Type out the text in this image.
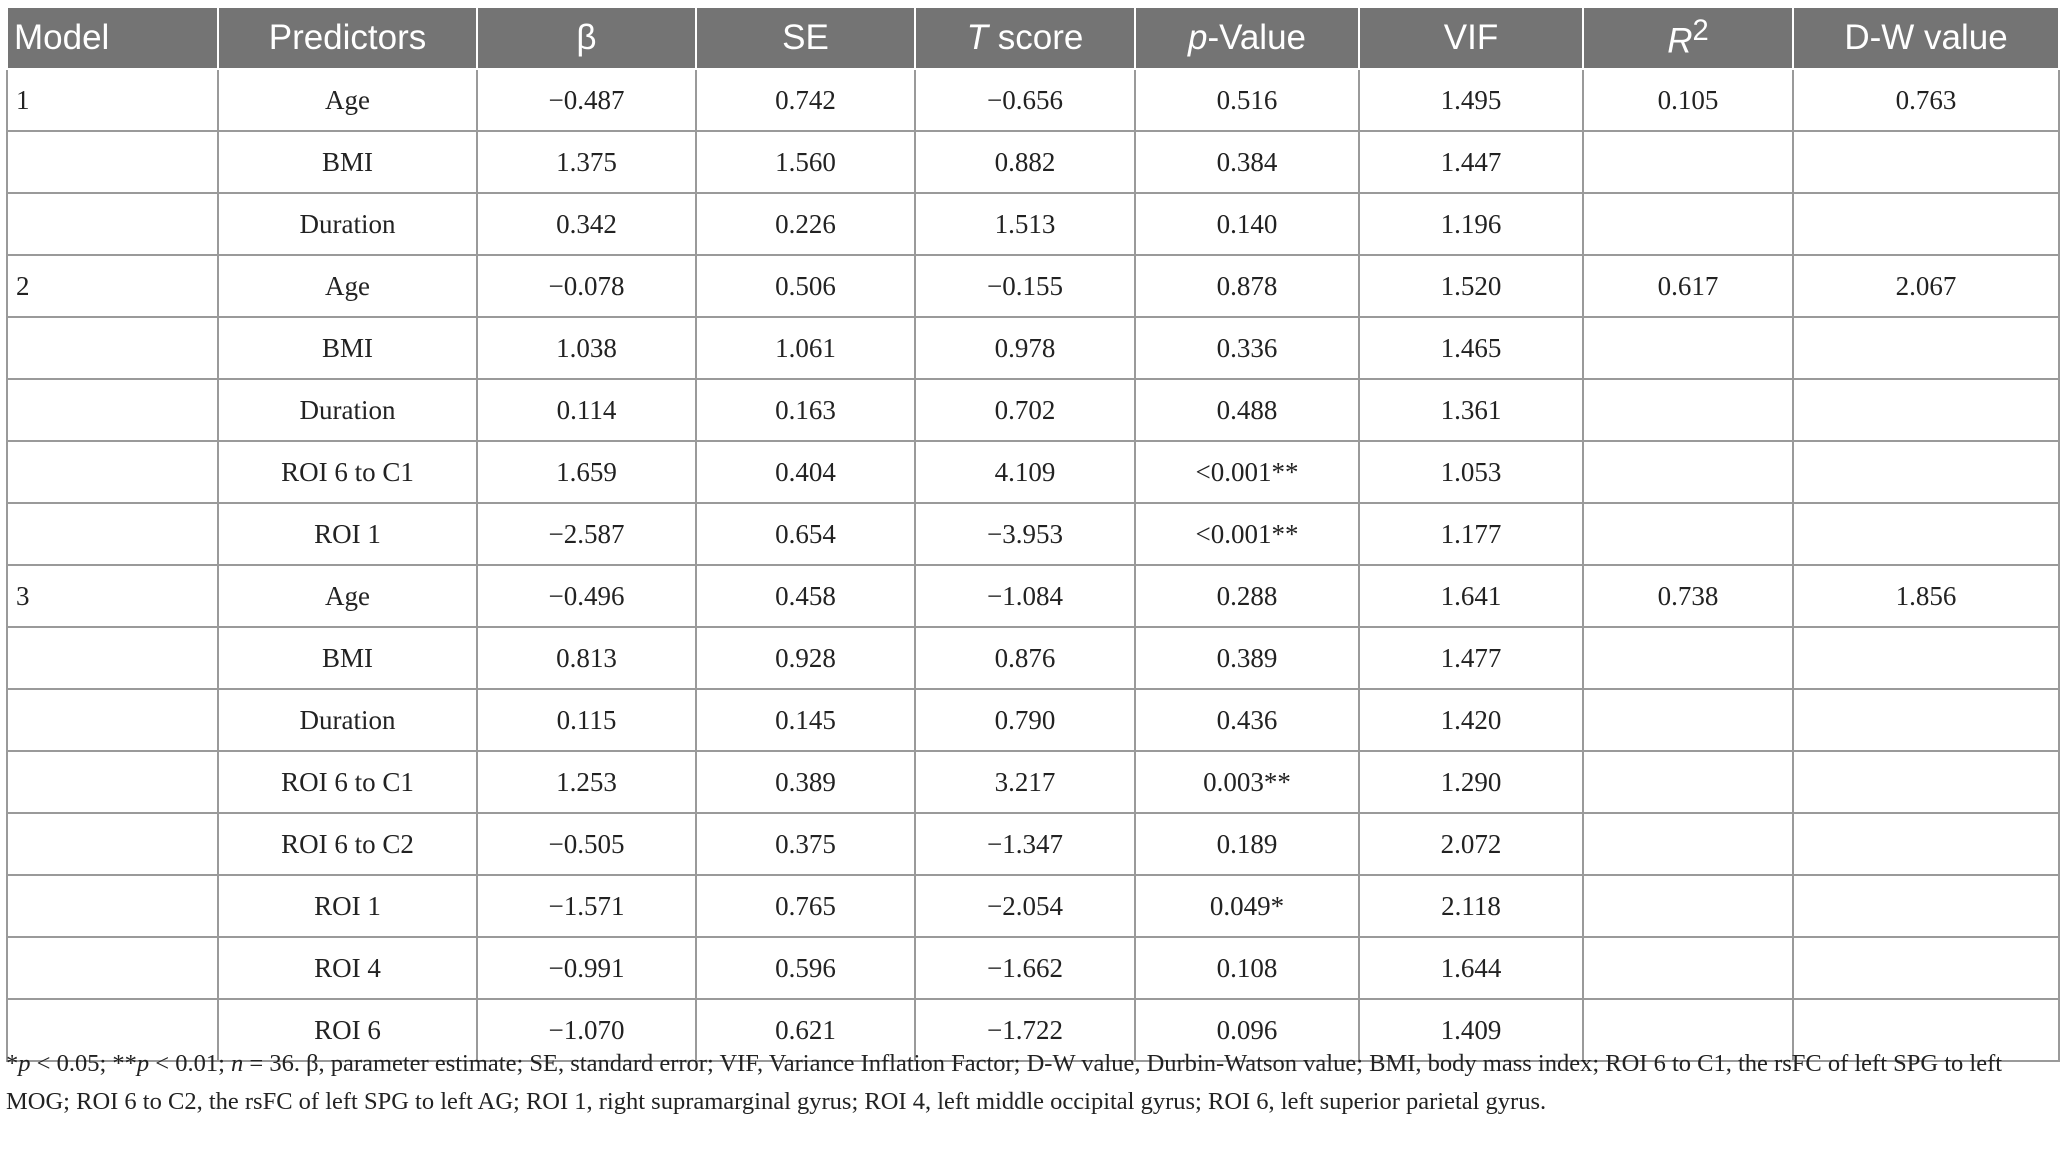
Model	Predictors	β	SE	T score	p-Value	VIF	$R^2$	D-W value
1	Age	−0.487	0.742	−0.656	0.516	1.495	0.105	0.763
	BMI	1.375	1.560	0.882	0.384	1.447		
	Duration	0.342	0.226	1.513	0.140	1.196		
2	Age	−0.078	0.506	−0.155	0.878	1.520	0.617	2.067
	BMI	1.038	1.061	0.978	0.336	1.465		
	Duration	0.114	0.163	0.702	0.488	1.361		
	ROI 6 to C1	1.659	0.404	4.109	<0.001**	1.053		
	ROI 1	−2.587	0.654	−3.953	<0.001**	1.177		
3	Age	−0.496	0.458	−1.084	0.288	1.641	0.738	1.856
	BMI	0.813	0.928	0.876	0.389	1.477		
	Duration	0.115	0.145	0.790	0.436	1.420		
	ROI 6 to C1	1.253	0.389	3.217	0.003**	1.290		
	ROI 6 to C2	−0.505	0.375	−1.347	0.189	2.072		
	ROI 1	−1.571	0.765	−2.054	0.049*	2.118		
	ROI 4	−0.991	0.596	−1.662	0.108	1.644		
	ROI 6	−1.070	0.621	−1.722	0.096	1.409		
*p < 0.05; **p < 0.01; n = 36. β, parameter estimate; SE, standard error; VIF, Variance Inflation Factor; D-W value, Durbin-Watson value; BMI, body mass index; ROI 6 to C1, the rsFC of left SPG to left MOG; ROI 6 to C2, the rsFC of left SPG to left AG; ROI 1, right supramarginal gyrus; ROI 4, left middle occipital gyrus; ROI 6, left superior parietal gyrus.
